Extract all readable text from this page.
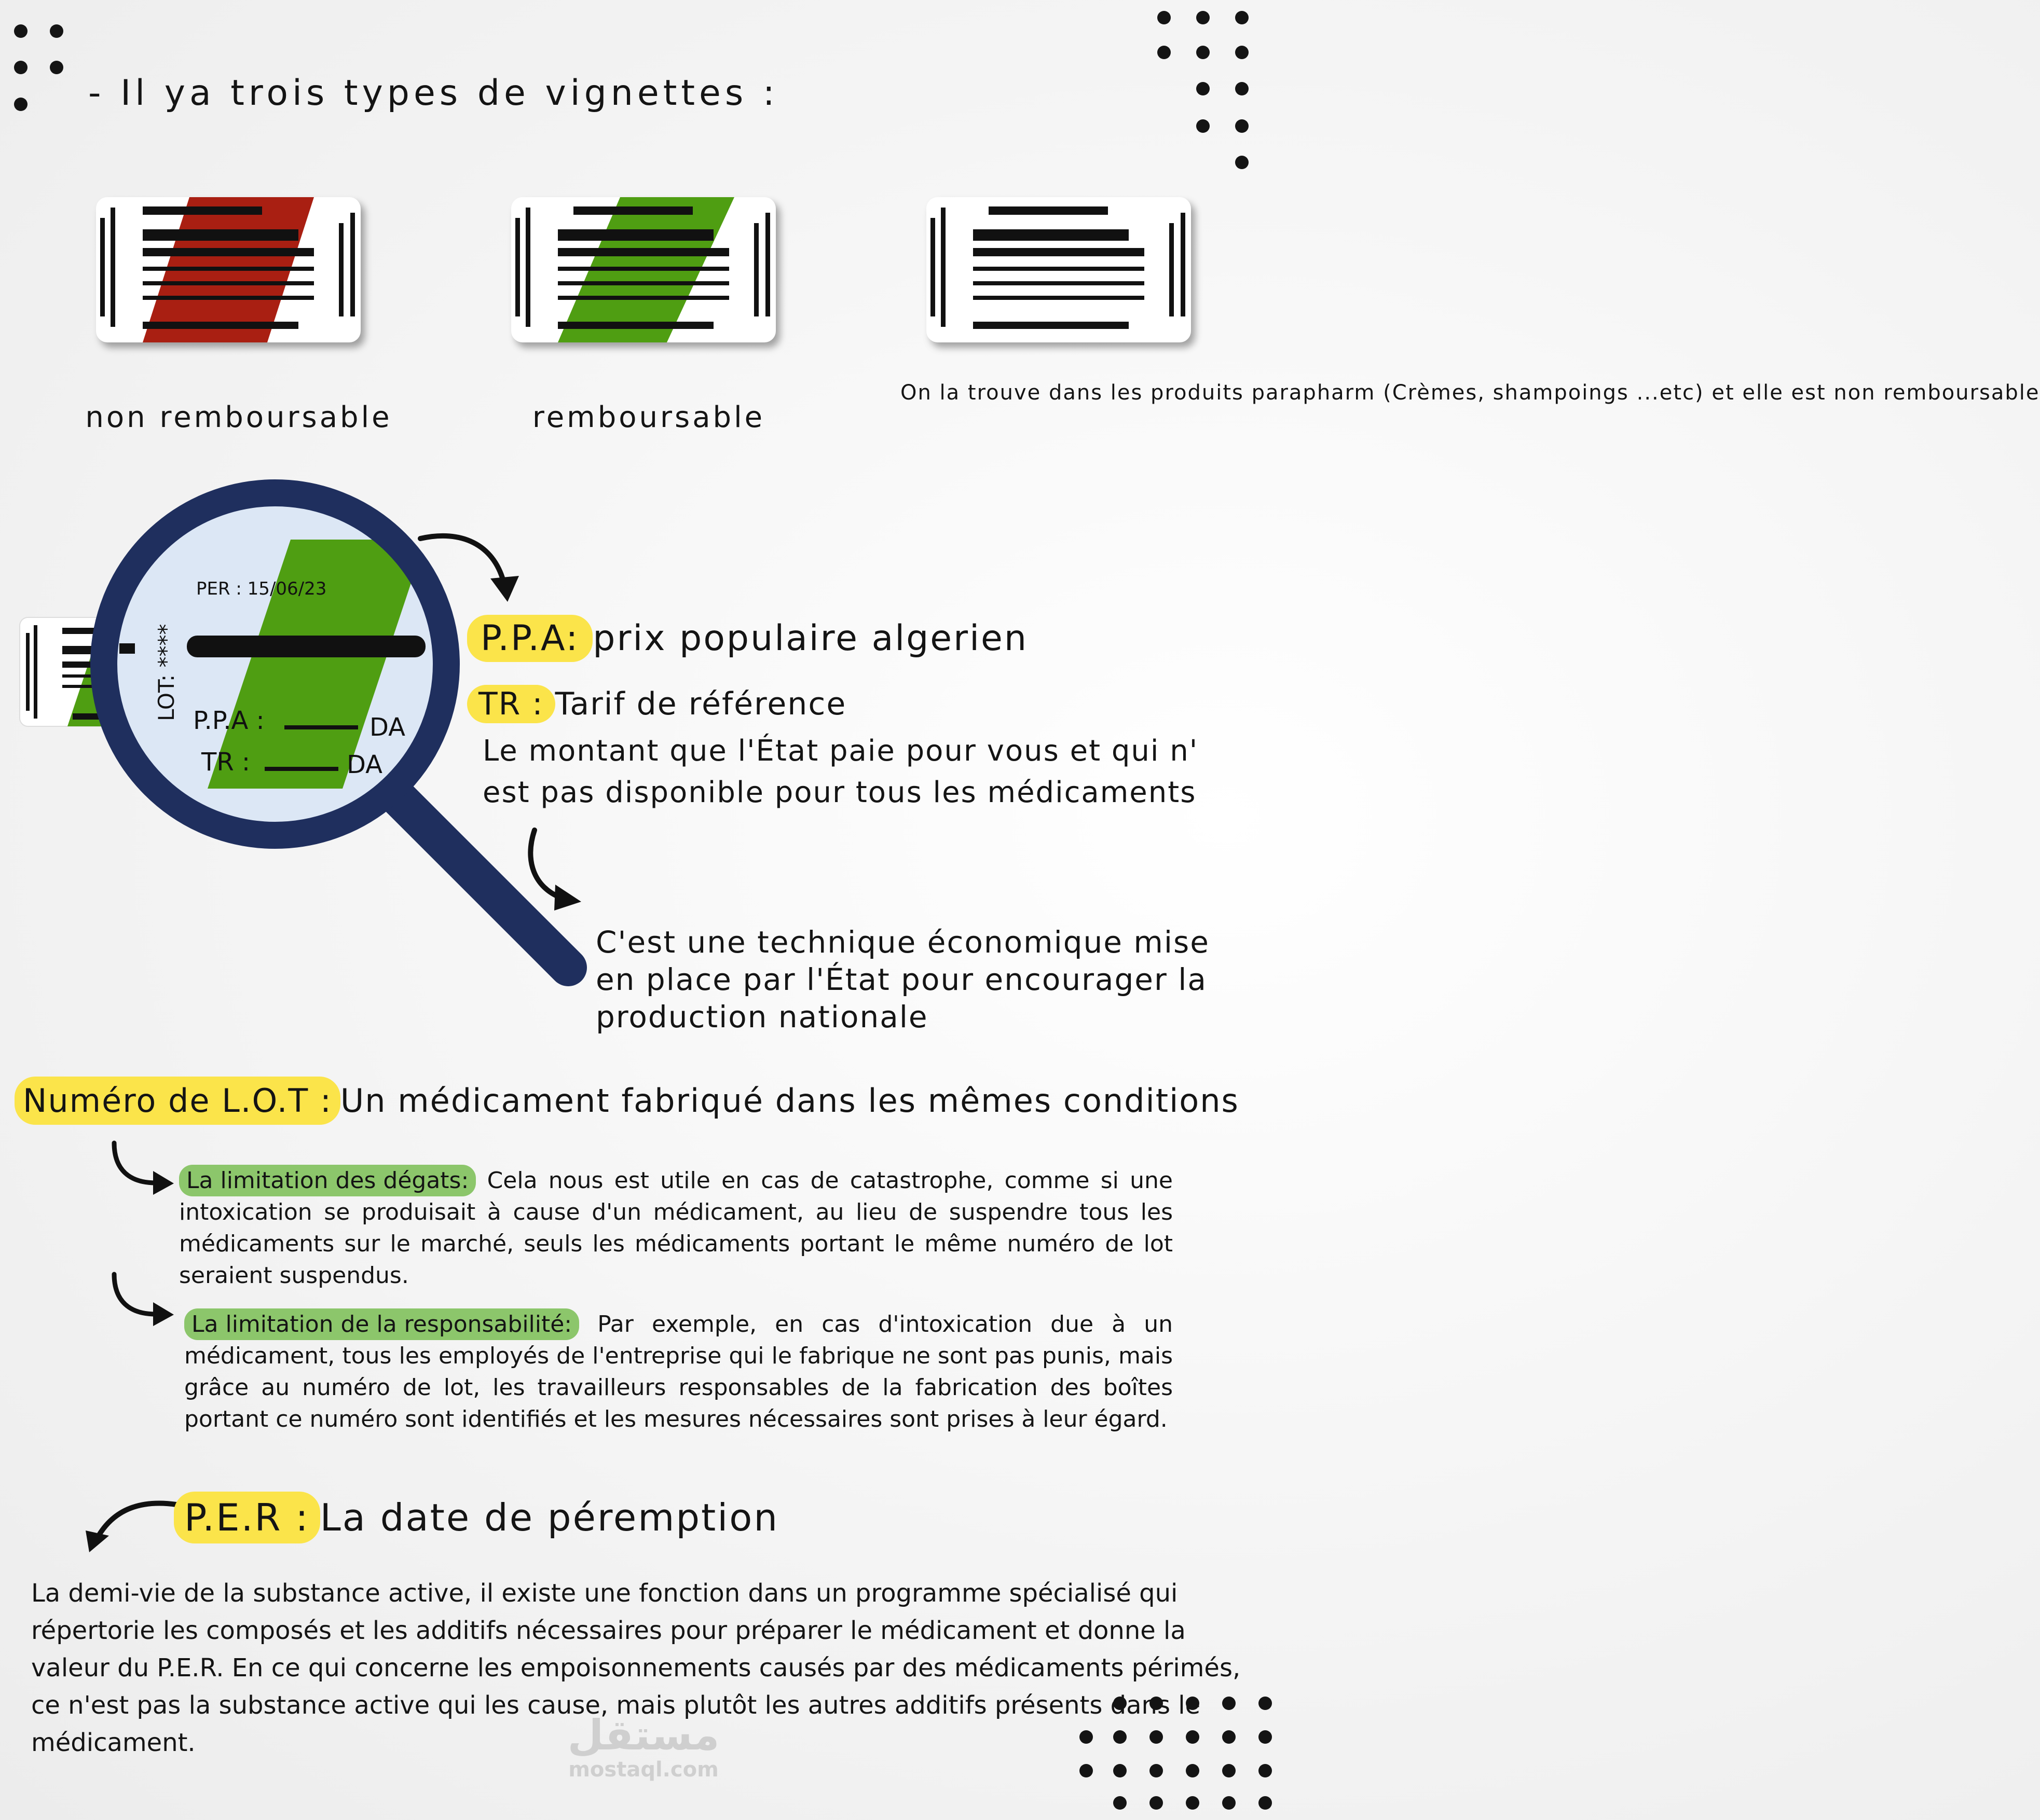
- Il ya trois types de vignettes :
non remboursable	remboursable
On la trouve dans les produits parapharm (Crèmes, shampoings ...etc) et elle est non remboursable
PER : 15/06/23
LOT: **** P.P.A :	DA
TR :	DA
P.P.A: prix populaire algerien
TR : Tarif de référence
Le montant que l'État paie pour vous et qui n'
est pas disponible pour tous les médicaments
C'est une technique économique mise
en place par l'État pour encourager la
production nationale
Numéro de L.O.T : Un médicament fabriqué dans les mêmes conditions
La limitation des dégats: Cela nous est utile en cas de catastrophe, comme si une intoxication se produisait à cause d'un médicament, au lieu de suspendre tous les médicaments sur le marché, seuls les médicaments portant le même numéro de lot seraient suspendus.
La limitation de la responsabilité: Par exemple, en cas d'intoxication due à un médicament, tous les employés de l'entreprise qui le fabrique ne sont pas punis, mais grâce au numéro de lot, les travailleurs responsables de la fabrication des boîtes portant ce numéro sont identifiés et les mesures nécessaires sont prises à leur égard.
P.E.R : La date de péremption
La demi-vie de la substance active, il existe une fonction dans un programme spécialisé qui répertorie les composés et les additifs nécessaires pour préparer le médicament et donne la valeur du P.E.R. En ce qui concerne les empoisonnements causés par des médicaments périmés, ce n'est pas la substance active qui les cause, mais plutôt les autres additifs présents dans le médicament.	مستقل
mostaql.com
